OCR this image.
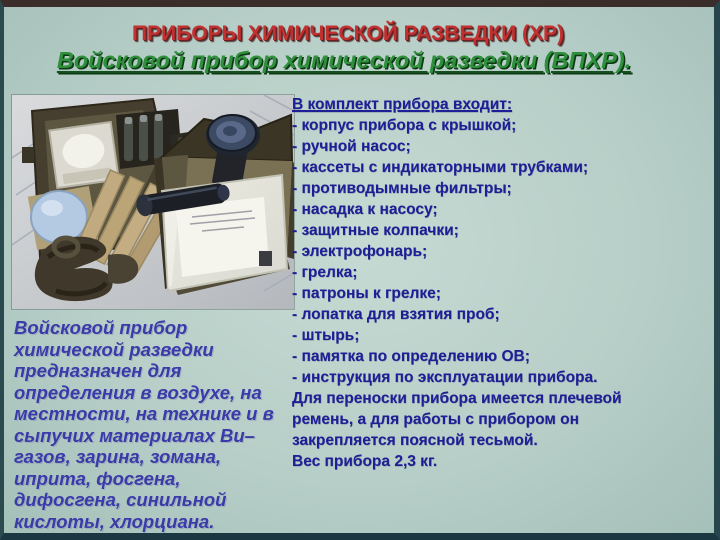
ПРИБОРЫ ХИМИЧЕСКОЙ РАЗВЕДКИ (ХР)
Войсковой прибор химической разведки (ВПХР).
В комплект прибора входит:
- корпус прибора с крышкой;
- ручной насос;
- кассеты с индикаторными трубками;
- противодымные фильтры;
- насадка к насосу;
- защитные колпачки;
- электрофонарь;
- грелка;
- патроны к грелке;
- лопатка для взятия проб;
- штырь;
- памятка по определению ОВ;
- инструкция по эксплуатации прибора.
Для переноски прибора имеется плечевой ремень, а для работы с прибором он закрепляется поясной тесьмой.
Вес прибора 2,3 кг.
Войсковой прибор химической разведки предназначен для определения в воздухе, на местности, на технике и в сыпучих материалах Ви–газов, зарина, зомана, иприта, фосгена, дифосгена, синильной кислоты, хлорциана.
